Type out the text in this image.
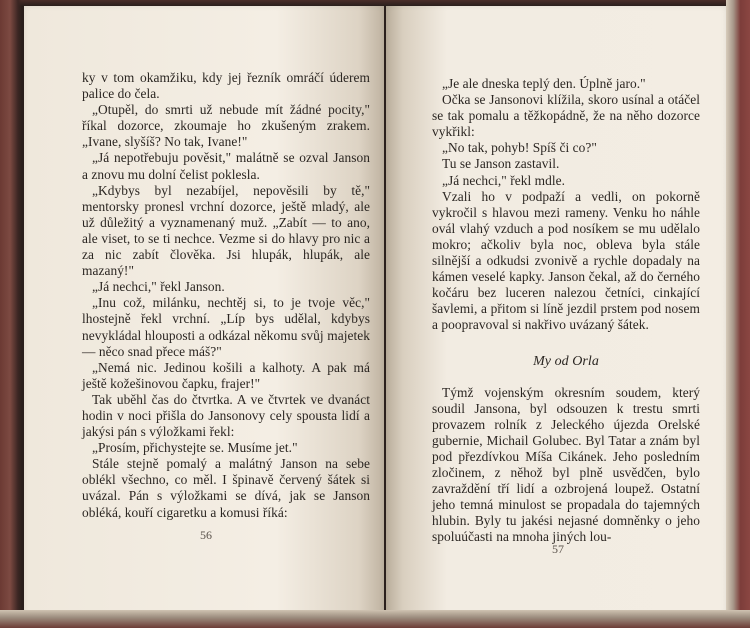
ky v tom okamžiku, kdy jej řezník omráčí úderem palice do čela.

„Otupěl, do smrti už nebude mít žádné pocity," říkal dozorce, zkoumaje ho zkušeným zrakem. „Ivane, slyšíš? No tak, Ivane!"

„Já nepotřebuju pověsit," malátně se ozval Janson a znovu mu dolní čelist poklesla.

„Kdybys byl nezabíjel, nepověsili by tě," mentorsky pronesl vrchní dozorce, ještě mladý, ale už důležitý a vyznamenaný muž. „Zabít — to ano, ale viset, to se ti nechce. Vezme si do hlavy pro nic a za nic zabít člověka. Jsi hlupák, hlupák, ale mazaný!"

„Já nechci," řekl Janson.

„Inu což, milánku, nechtěj si, to je tvoje věc," lhostejně řekl vrchní. „Líp bys udělal, kdybys nevykládal hlouposti a odkázal někomu svůj majetek — něco snad přece máš?"

„Nemá nic. Jedinou košili a kalhoty. A pak má ještě kožešinovou čapku, frajer!"

Tak uběhl čas do čtvrtka. A ve čtvrtek ve dvanáct hodin v noci přišla do Jansonovy cely spousta lidí a jakýsi pán s výložkami řekl:

„Prosím, přichystejte se. Musíme jet."

Stále stejně pomalý a malátný Janson na sebe oblékl všechno, co měl. I špinavě červený šátek si uvázal. Pán s výložkami se dívá, jak se Janson obléká, kouří cigaretku a komusi říká:

56

„Je ale dneska teplý den. Úplně jaro."

Očka se Jansonovi klížila, skoro usínal a otáčel se tak pomalu a těžkopádně, že na něho dozorce vykřikl:

„No tak, pohyb! Spíš či co?"

Tu se Janson zastavil.

„Já nechci," řekl mdle.

Vzali ho v podpaží a vedli, on pokorně vykročil s hlavou mezi rameny. Venku ho náhle ovál vlahý vzduch a pod nosíkem se mu udělalo mokro; ačkoliv byla noc, obleva byla stále silnější a odkudsi zvonivě a rychle dopadaly na kámen veselé kapky. Janson čekal, až do černého kočáru bez luceren nalezou četníci, cinkající šavlemi, a přitom si líně jezdil prstem pod nosem a poopravoval si nakřivo uvázaný šátek.

My od Orla

Týmž vojenským okresním soudem, který soudil Jansona, byl odsouzen k trestu smrti provazem rolník z Jeleckého újezda Orelské gubernie, Michail Golubec. Byl Tatar a znám byl pod přezdívkou Míša Cikánek. Jeho posledním zločinem, z něhož byl plně usvědčen, bylo zavraždění tří lidí a ozbrojená loupež. Ostatní jeho temná minulost se propadala do tajemných hlubin. Byly tu jakési nejasné domněnky o jeho spoluúčasti na mnoha jiných lou-

57
